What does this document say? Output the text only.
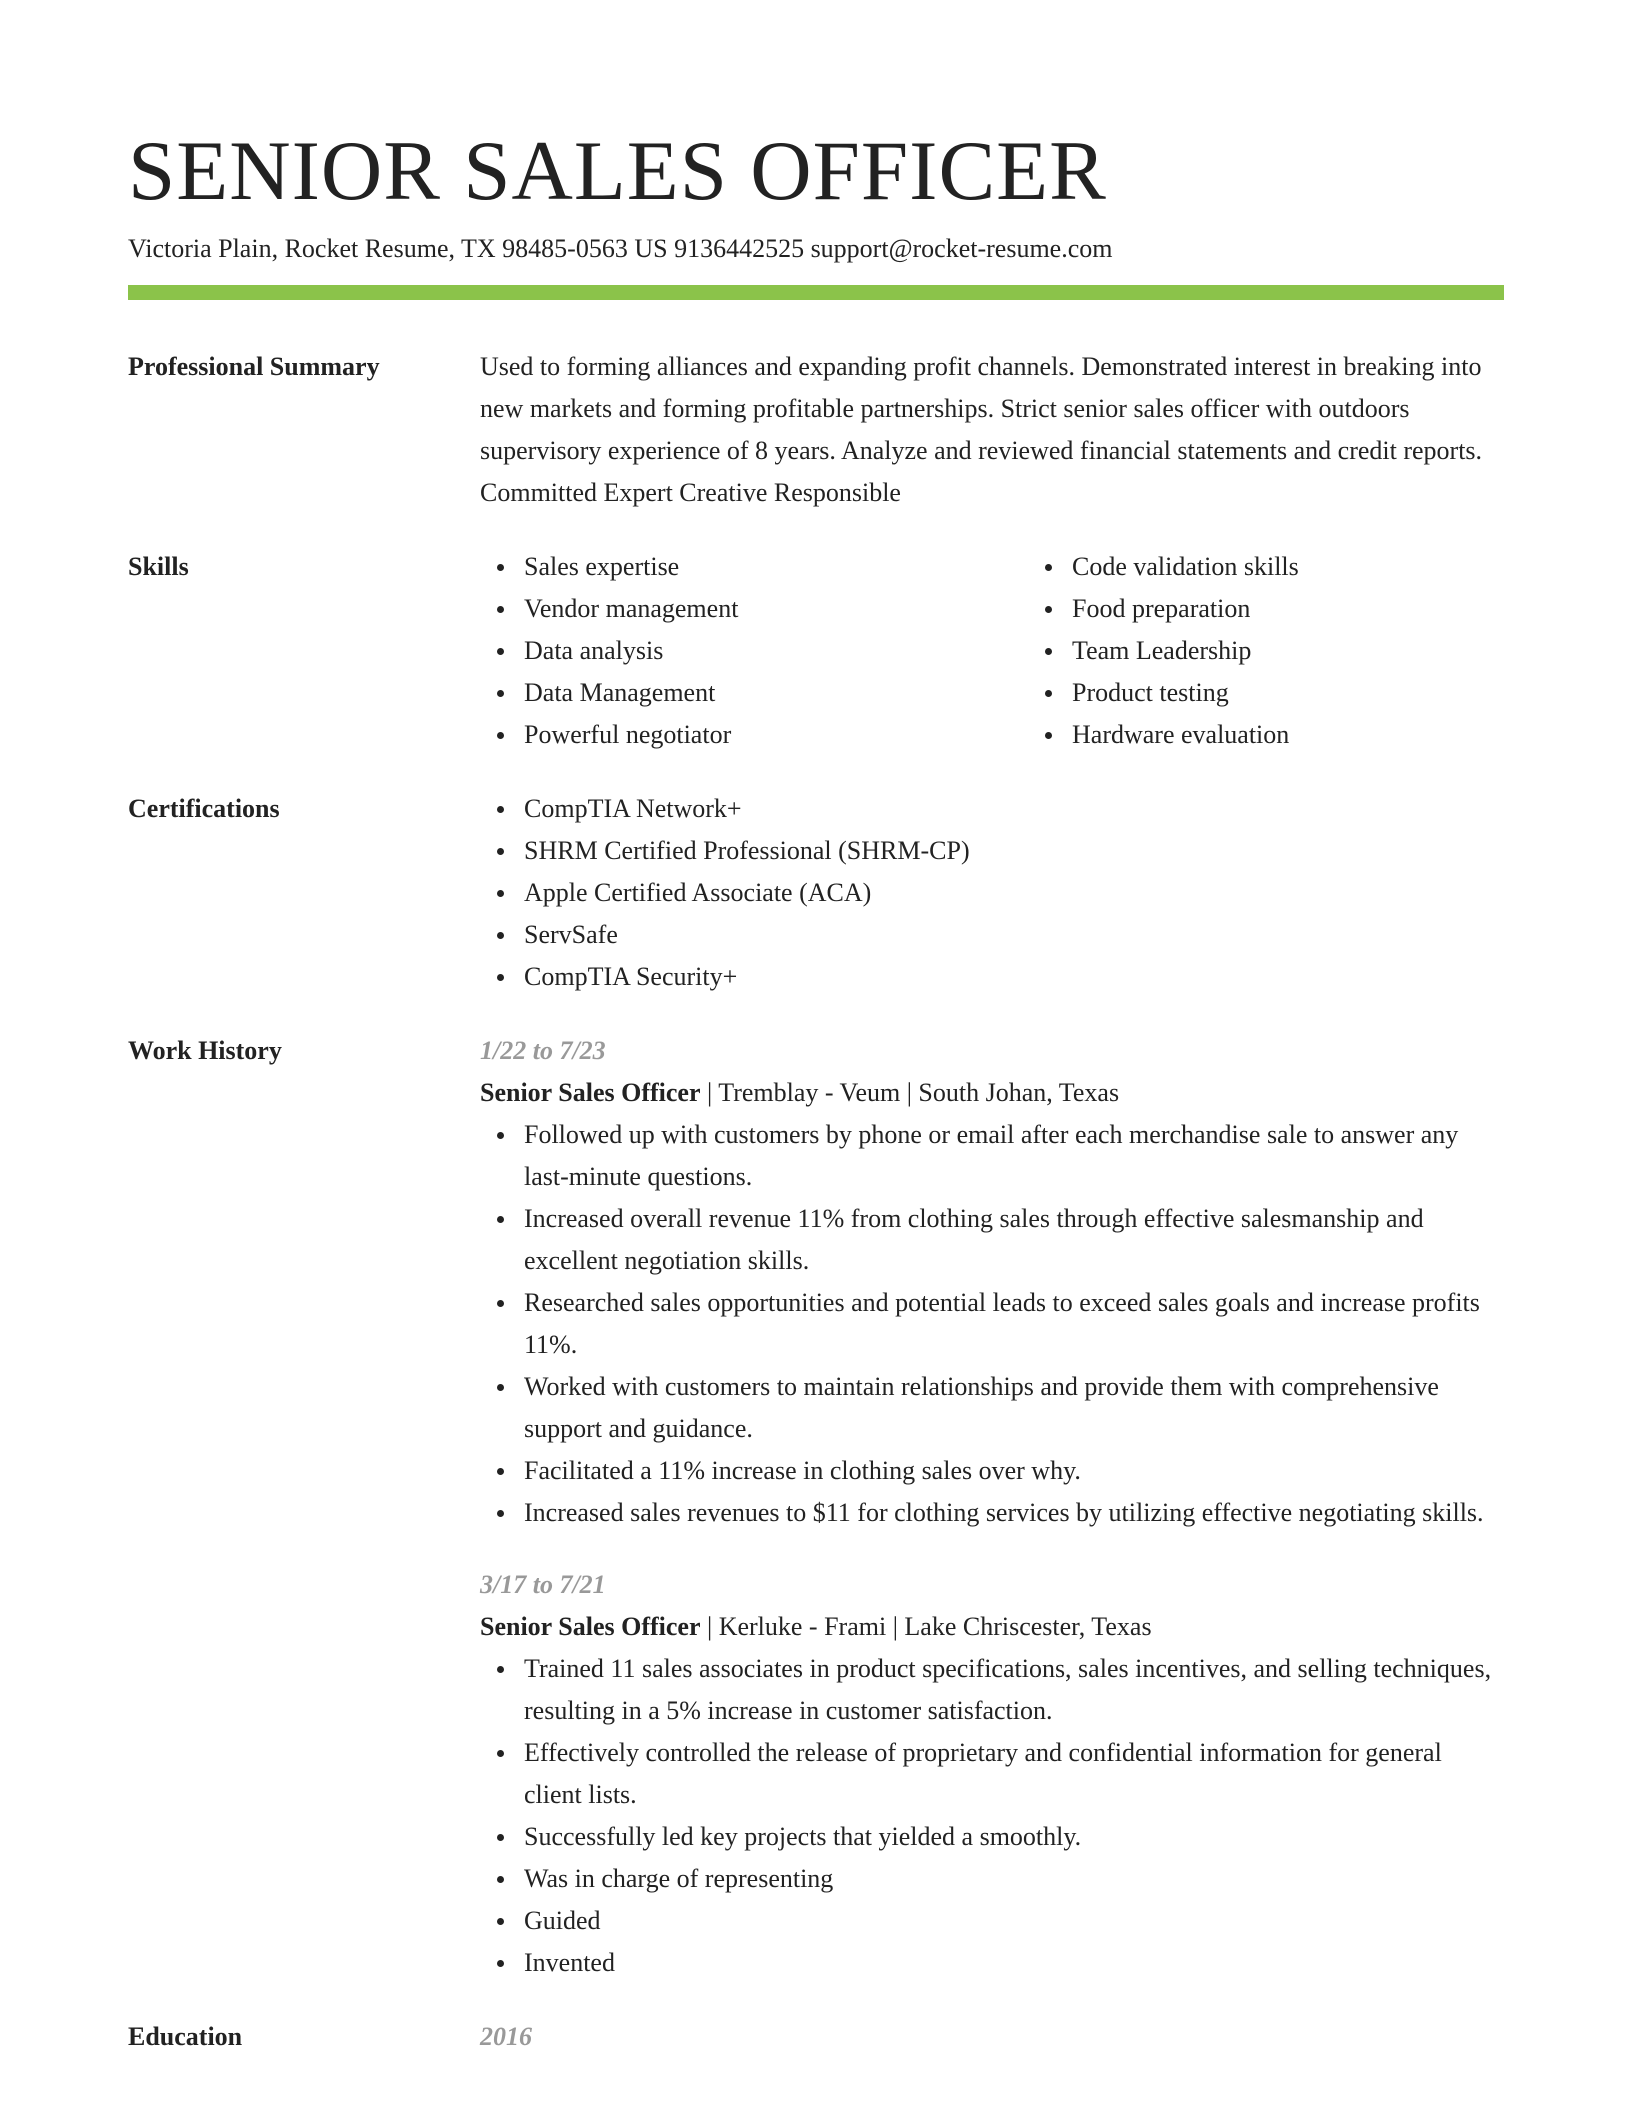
SENIOR SALES OFFICER
Victoria Plain, Rocket Resume, TX 98485-0563 US 9136442525 support@rocket-resume.com
Professional Summary	Used to forming alliances and expanding profit channels. Demonstrated interest in breaking into new markets and forming profitable partnerships. Strict senior sales officer with outdoors supervisory experience of 8 years. Analyze and reviewed financial statements and credit reports. Committed Expert Creative Responsible

Skills	Sales expertise
Vendor management
Data analysis
Data Management
Powerful negotiator
Code validation skills
Food preparation
Team Leadership
Product testing
Hardware evaluation
Certifications	CompTIA Network+
SHRM Certified Professional (SHRM-CP)
Apple Certified Associate (ACA)
ServSafe
CompTIA Security+
Work History	1/22 to 7/23
Senior Sales Officer | Tremblay - Veum | South Johan, Texas
Followed up with customers by phone or email after each merchandise sale to answer any last-minute questions.
Increased overall revenue 11% from clothing sales through effective salesmanship and excellent negotiation skills.
Researched sales opportunities and potential leads to exceed sales goals and increase profits 11%.
Worked with customers to maintain relationships and provide them with comprehensive support and guidance.
Facilitated a 11% increase in clothing sales over why.
Increased sales revenues to $11 for clothing services by utilizing effective negotiating skills.
3/17 to 7/21
Senior Sales Officer | Kerluke - Frami | Lake Chriscester, Texas
Trained 11 sales associates in product specifications, sales incentives, and selling techniques, resulting in a 5% increase in customer satisfaction.
Effectively controlled the release of proprietary and confidential information for general client lists.
Successfully led key projects that yielded a smoothly.
Was in charge of representing
Guided
Invented
Education	2016
